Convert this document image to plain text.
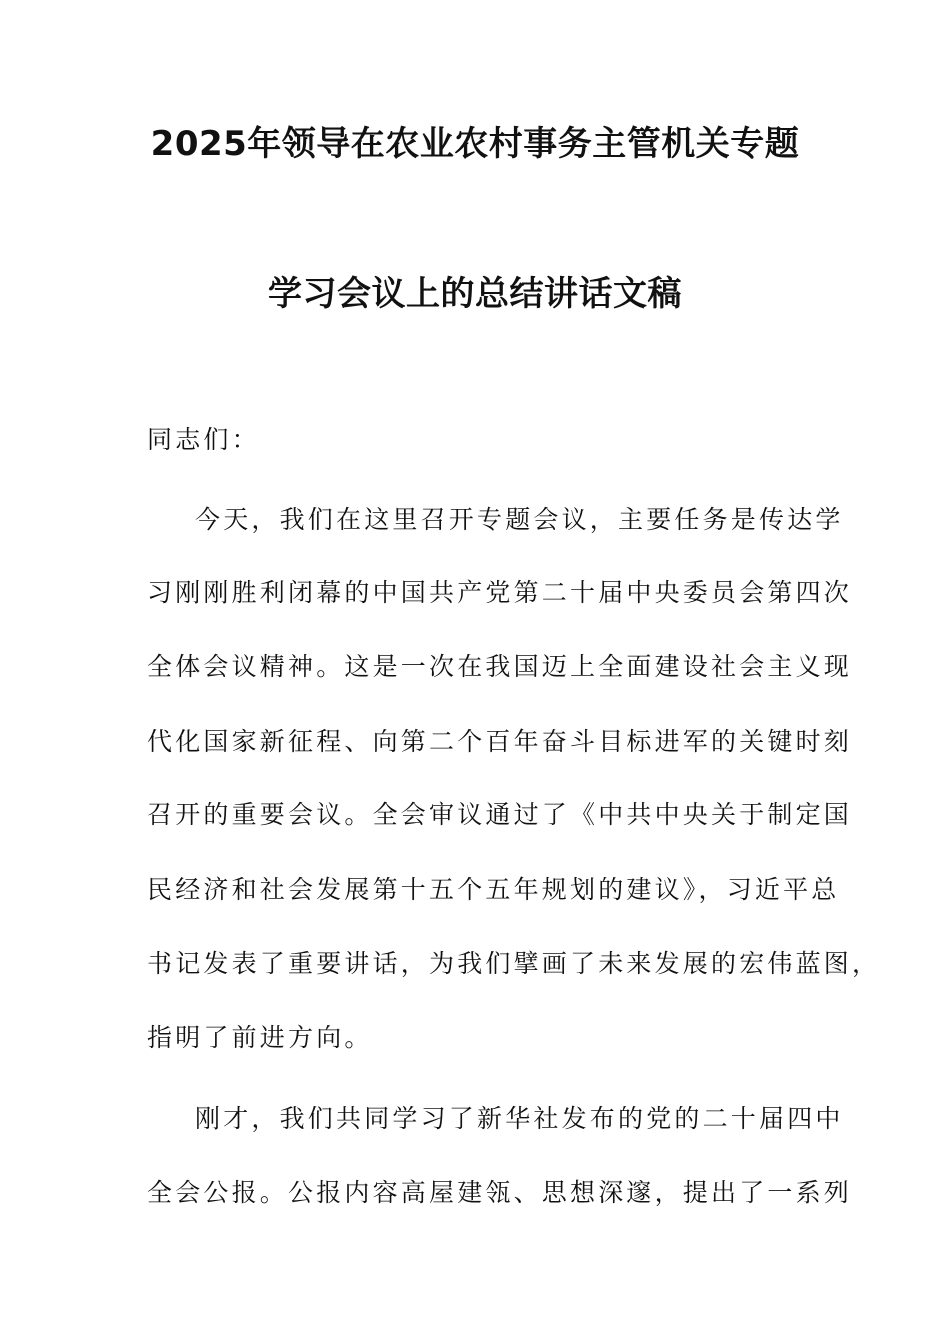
2025年领导在农业农村事务主管机关专题
学习会议上的总结讲话文稿
同志们：
今天，我们在这里召开专题会议，主要任务是传达学
习刚刚胜利闭幕的中国共产党第二十届中央委员会第四次
全体会议精神。这是一次在我国迈上全面建设社会主义现
代化国家新征程、向第二个百年奋斗目标进军的关键时刻
召开的重要会议。全会审议通过了《中共中央关于制定国
民经济和社会发展第十五个五年规划的建议》，习近平总
书记发表了重要讲话，为我们擘画了未来发展的宏伟蓝图，
指明了前进方向。
刚才，我们共同学习了新华社发布的党的二十届四中
全会公报。公报内容高屋建瓴、思想深邃，提出了一系列
